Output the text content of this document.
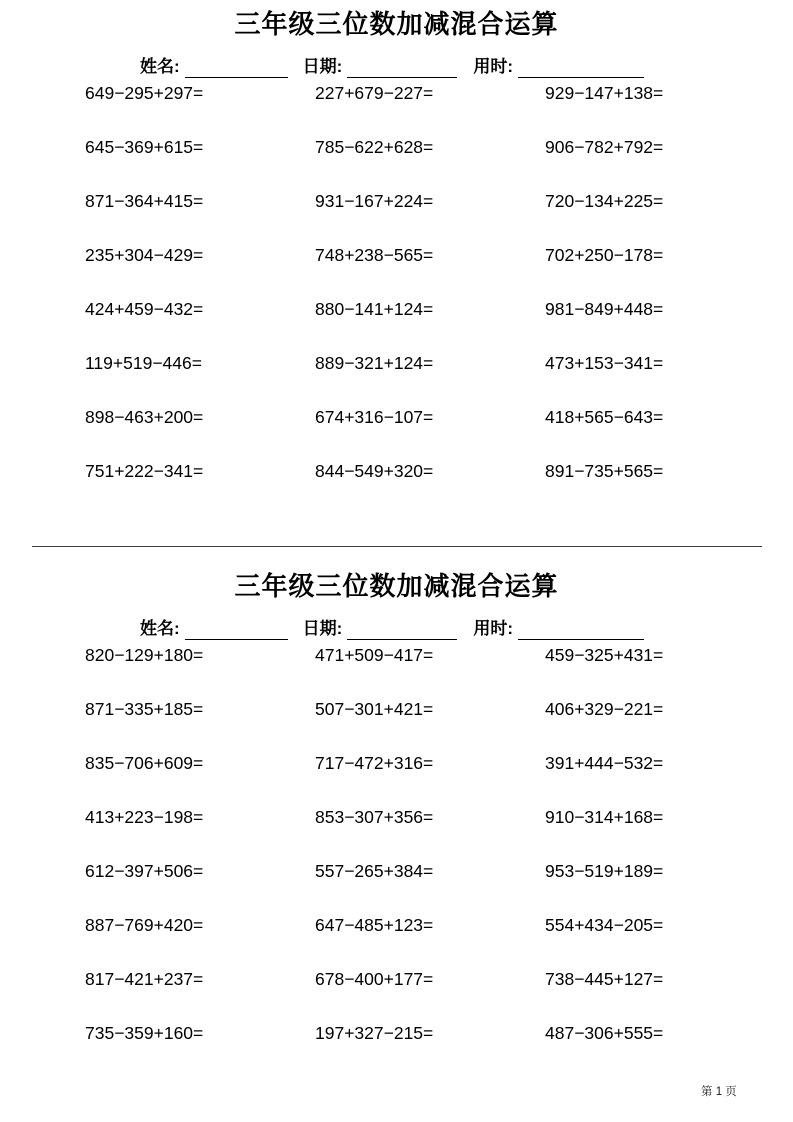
三年级三位数加减混合运算
姓名:	日期:	用时:
649−295+297=	227+679−227=	929−147+138=
645−369+615=	785−622+628=	906−782+792=
871−364+415=	931−167+224=	720−134+225=
235+304−429=	748+238−565=	702+250−178=
424+459−432=	880−141+124=	981−849+448=
119+519−446=	889−321+124=	473+153−341=
898−463+200=	674+316−107=	418+565−643=
751+222−341=	844−549+320=	891−735+565=
三年级三位数加减混合运算
姓名:	日期:	用时:
820−129+180=	471+509−417=	459−325+431=
871−335+185=	507−301+421=	406+329−221=
835−706+609=	717−472+316=	391+444−532=
413+223−198=	853−307+356=	910−314+168=
612−397+506=	557−265+384=	953−519+189=
887−769+420=	647−485+123=	554+434−205=
817−421+237=	678−400+177=	738−445+127=
735−359+160=	197+327−215=	487−306+555=
第 1 页
